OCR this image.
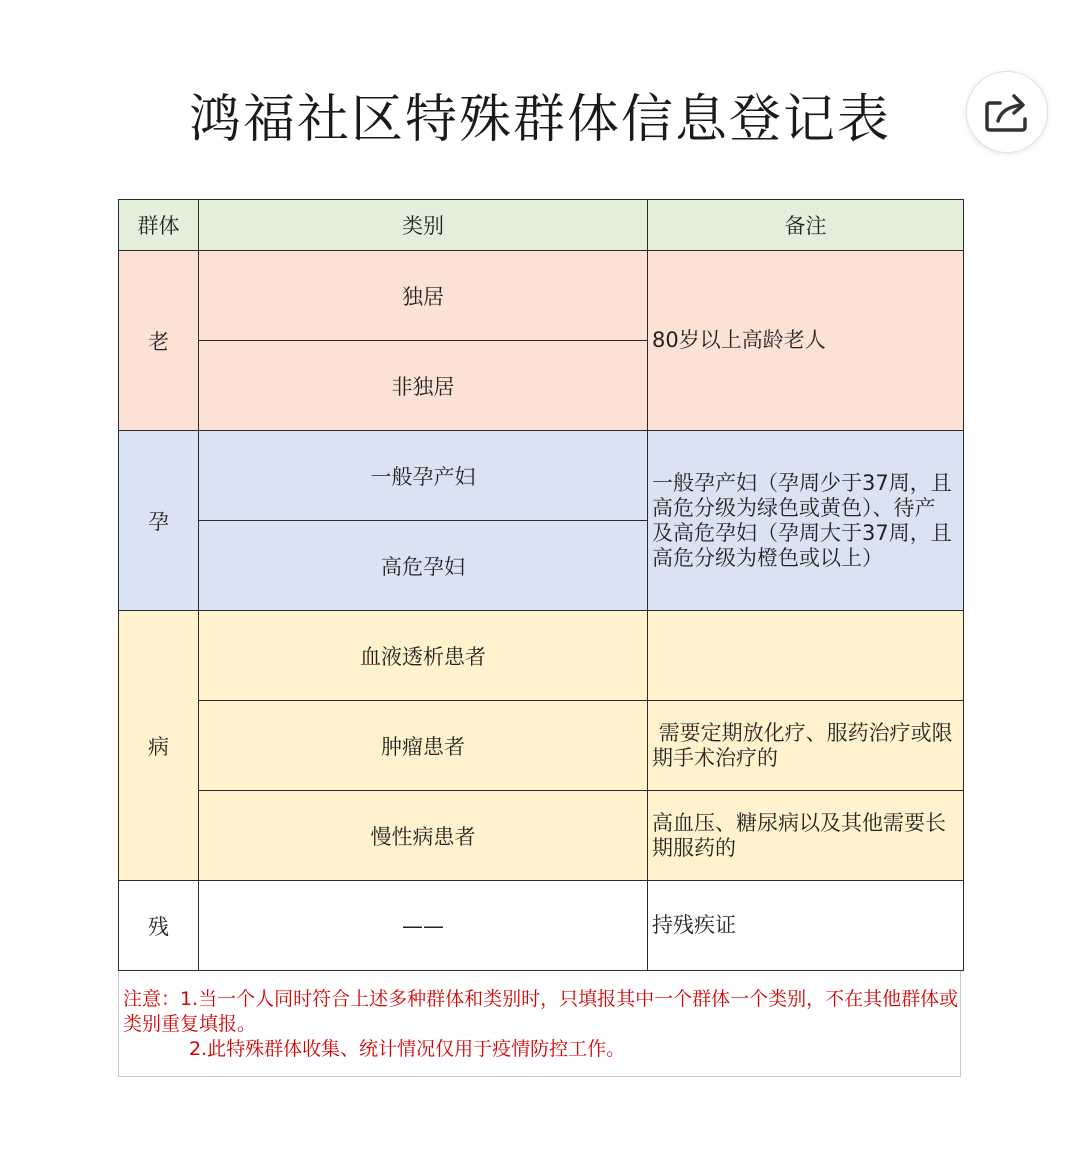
鸿福社区特殊群体信息登记表
群体	类别	备注
老	独居	80岁以上高龄老人
	非独居	
孕	一般孕产妇	一般孕产妇（孕周少于37周，且高危分级为绿色或黄色）、待产及高危孕妇（孕周大于37周，且高危分级为橙色或以上）
	高危孕妇	
病	血液透析患者	
	肿瘤患者	需要定期放化疗、服药治疗或限期手术治疗的
	慢性病患者	高血压、糖尿病以及其他需要长期服药的
残	——	持残疾证
注意：1.当一个人同时符合上述多种群体和类别时，只填报其中一个群体一个类别，不在其他群体或类别重复填报。
2.此特殊群体收集、统计情况仅用于疫情防控工作。
